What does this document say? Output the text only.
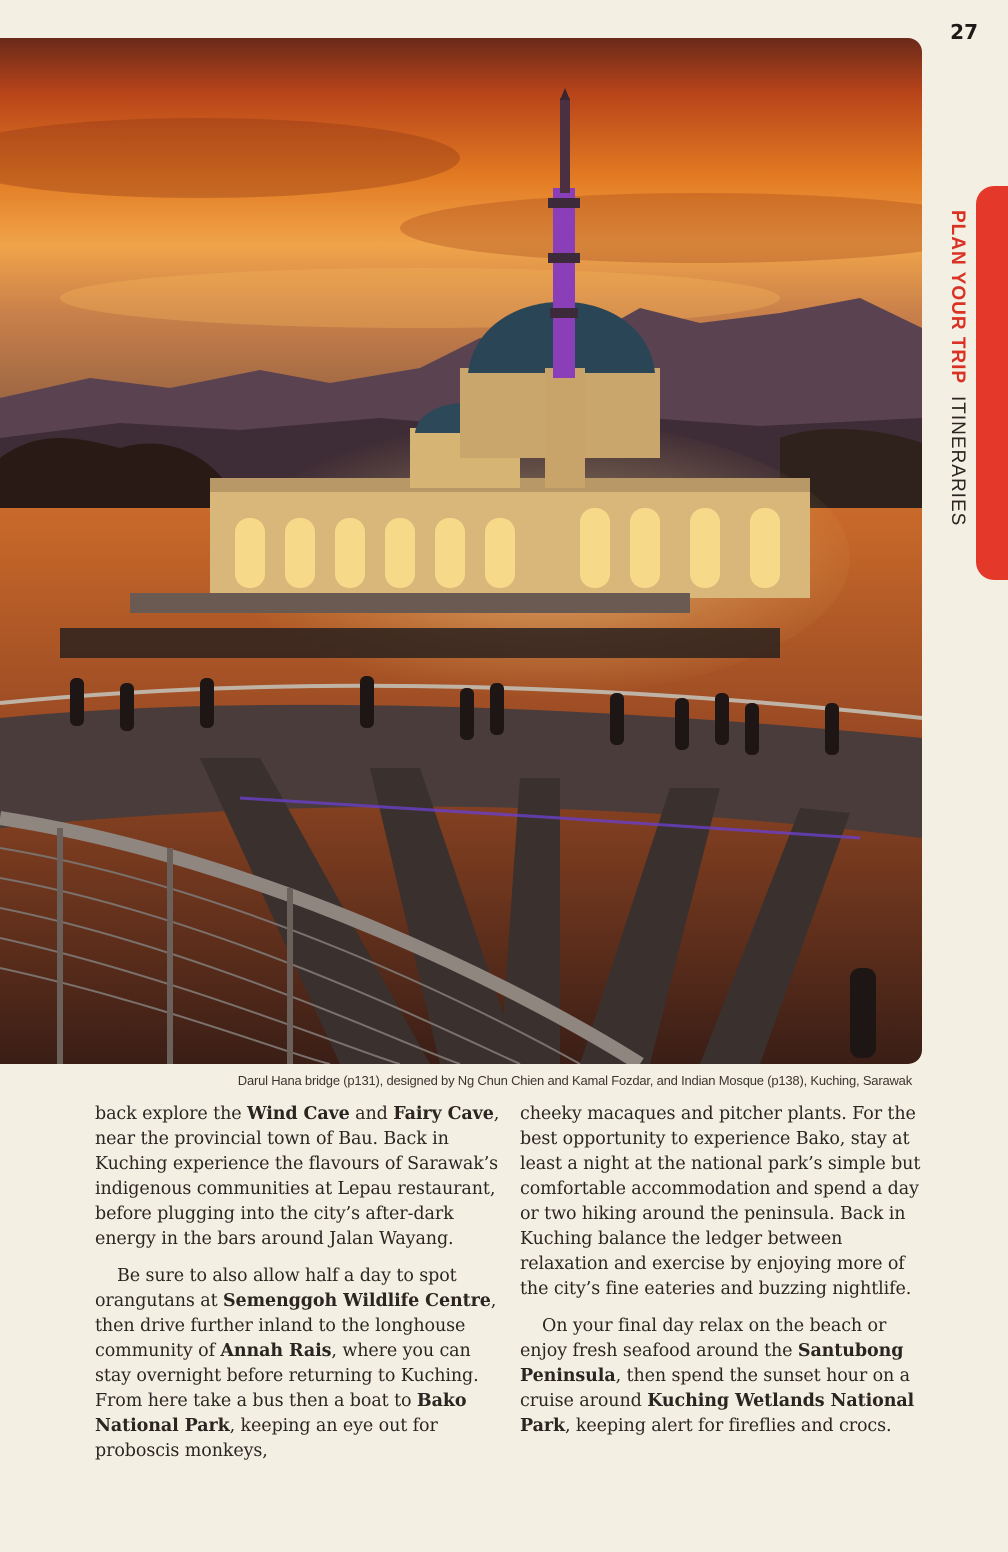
27
PLAN YOUR TRIP ITINERARIES
Darul Hana bridge (p131), designed by Ng Chun Chien and Kamal Fozdar, and Indian Mosque (p138), Kuching, Sarawak

back explore the Wind Cave and Fairy Cave, near the provincial town of Bau. Back in Kuching experience the flavours of Sarawak’s indigenous communities at Lepau restaurant, before plugging into the city’s after-dark energy in the bars around Jalan Wayang.

Be sure to also allow half a day to spot orangutans at Semenggoh Wildlife Centre, then drive further inland to the longhouse community of Annah Rais, where you can stay overnight before returning to Kuching. From here take a bus then a boat to Bako National Park, keeping an eye out for proboscis monkeys,

cheeky macaques and pitcher plants. For the best opportunity to experience Bako, stay at least a night at the national park’s simple but comfortable accommodation and spend a day or two hiking around the peninsula. Back in Kuching balance the ledger between relaxation and exercise by enjoying more of the city’s fine eateries and buzzing nightlife.

On your final day relax on the beach or enjoy fresh seafood around the Santubong Peninsula, then spend the sunset hour on a cruise around Kuching Wetlands National Park, keeping alert for fireflies and crocs.
